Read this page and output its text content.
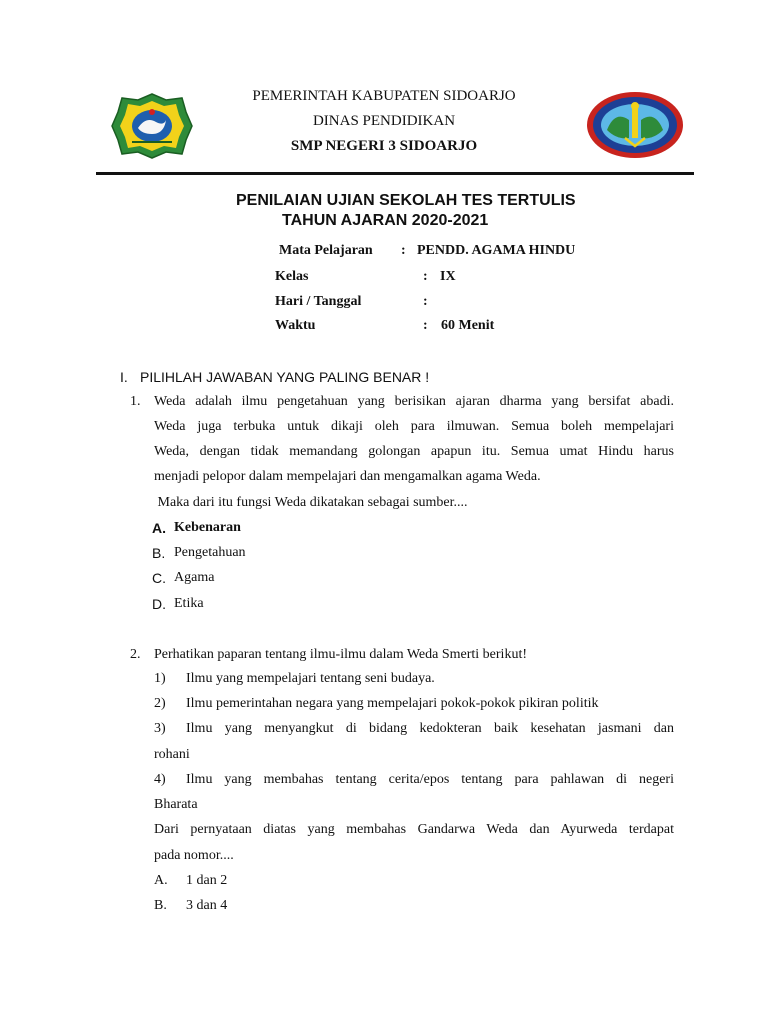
PEMERINTAH KABUPATEN SIDOARJO
DINAS PENDIDIKAN
SMP NEGERI 3 SIDOARJO
PENILAIAN UJIAN SEKOLAH TES TERTULIS
TAHUN AJARAN 2020-2021
Mata Pelajaran : PENDD. AGAMA HINDU
Kelas	: IX
Hari / Tanggal	:
Waktu	: 60 Menit
I. PILIHLAH JAWABAN YANG PALING BENAR !
1. Weda adalah ilmu pengetahuan yang berisikan ajaran dharma yang bersifat abadi.
Weda juga terbuka untuk dikaji oleh para ilmuwan. Semua boleh mempelajari
Weda, dengan tidak memandang golongan apapun itu. Semua umat Hindu harus
menjadi pelopor dalam mempelajari dan mengamalkan agama Weda.
Maka dari itu fungsi Weda dikatakan sebagai sumber....
A. Kebenaran
B. Pengetahuan
C. Agama
D. Etika
2. Perhatikan paparan tentang ilmu-ilmu dalam Weda Smerti berikut!
1) Ilmu yang mempelajari tentang seni budaya.
2) Ilmu pemerintahan negara yang mempelajari pokok-pokok pikiran politik
3) Ilmu yang menyangkut di bidang kedokteran baik kesehatan jasmani dan
rohani
4) Ilmu yang membahas tentang cerita/epos tentang para pahlawan di negeri
Bharata
Dari pernyataan diatas yang membahas Gandarwa Weda dan Ayurweda terdapat
pada nomor....
A. 1 dan 2
B. 3 dan 4
